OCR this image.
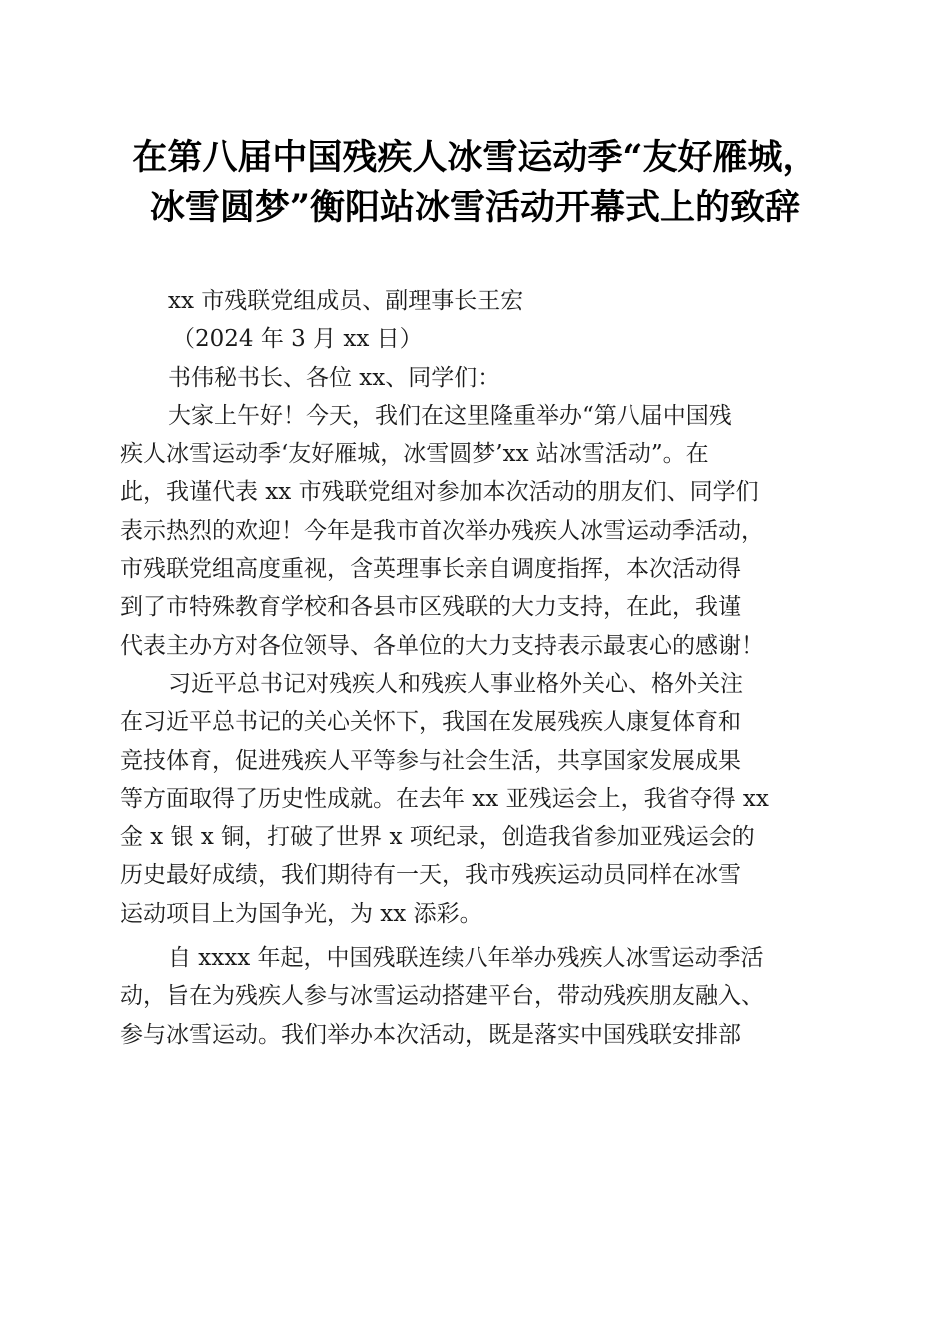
在第八届中国残疾人冰雪运动季“友好雁城，
冰雪圆梦”衡阳站冰雪活动开幕式上的致辞
xx 市残联党组成员、副理事长王宏
（2024 年 3 月 xx 日）
书伟秘书长、各位 xx、同学们：
大家上午好！今天，我们在这里隆重举办“第八届中国残
疾人冰雪运动季‘友好雁城，冰雪圆梦’xx 站冰雪活动”。在
此，我谨代表 xx 市残联党组对参加本次活动的朋友们、同学们
表示热烈的欢迎！今年是我市首次举办残疾人冰雪运动季活动，
市残联党组高度重视，含英理事长亲自调度指挥，本次活动得
到了市特殊教育学校和各县市区残联的大力支持，在此，我谨
代表主办方对各位领导、各单位的大力支持表示最衷心的感谢！
习近平总书记对残疾人和残疾人事业格外关心、格外关注
在习近平总书记的关心关怀下，我国在发展残疾人康复体育和
竞技体育，促进残疾人平等参与社会生活，共享国家发展成果
等方面取得了历史性成就。在去年 xx 亚残运会上，我省夺得 xx
金 x 银 x 铜，打破了世界 x 项纪录，创造我省参加亚残运会的
历史最好成绩，我们期待有一天，我市残疾运动员同样在冰雪
运动项目上为国争光，为 xx 添彩。
自 xxxx 年起，中国残联连续八年举办残疾人冰雪运动季活
动，旨在为残疾人参与冰雪运动搭建平台，带动残疾朋友融入、
参与冰雪运动。我们举办本次活动，既是落实中国残联安排部
